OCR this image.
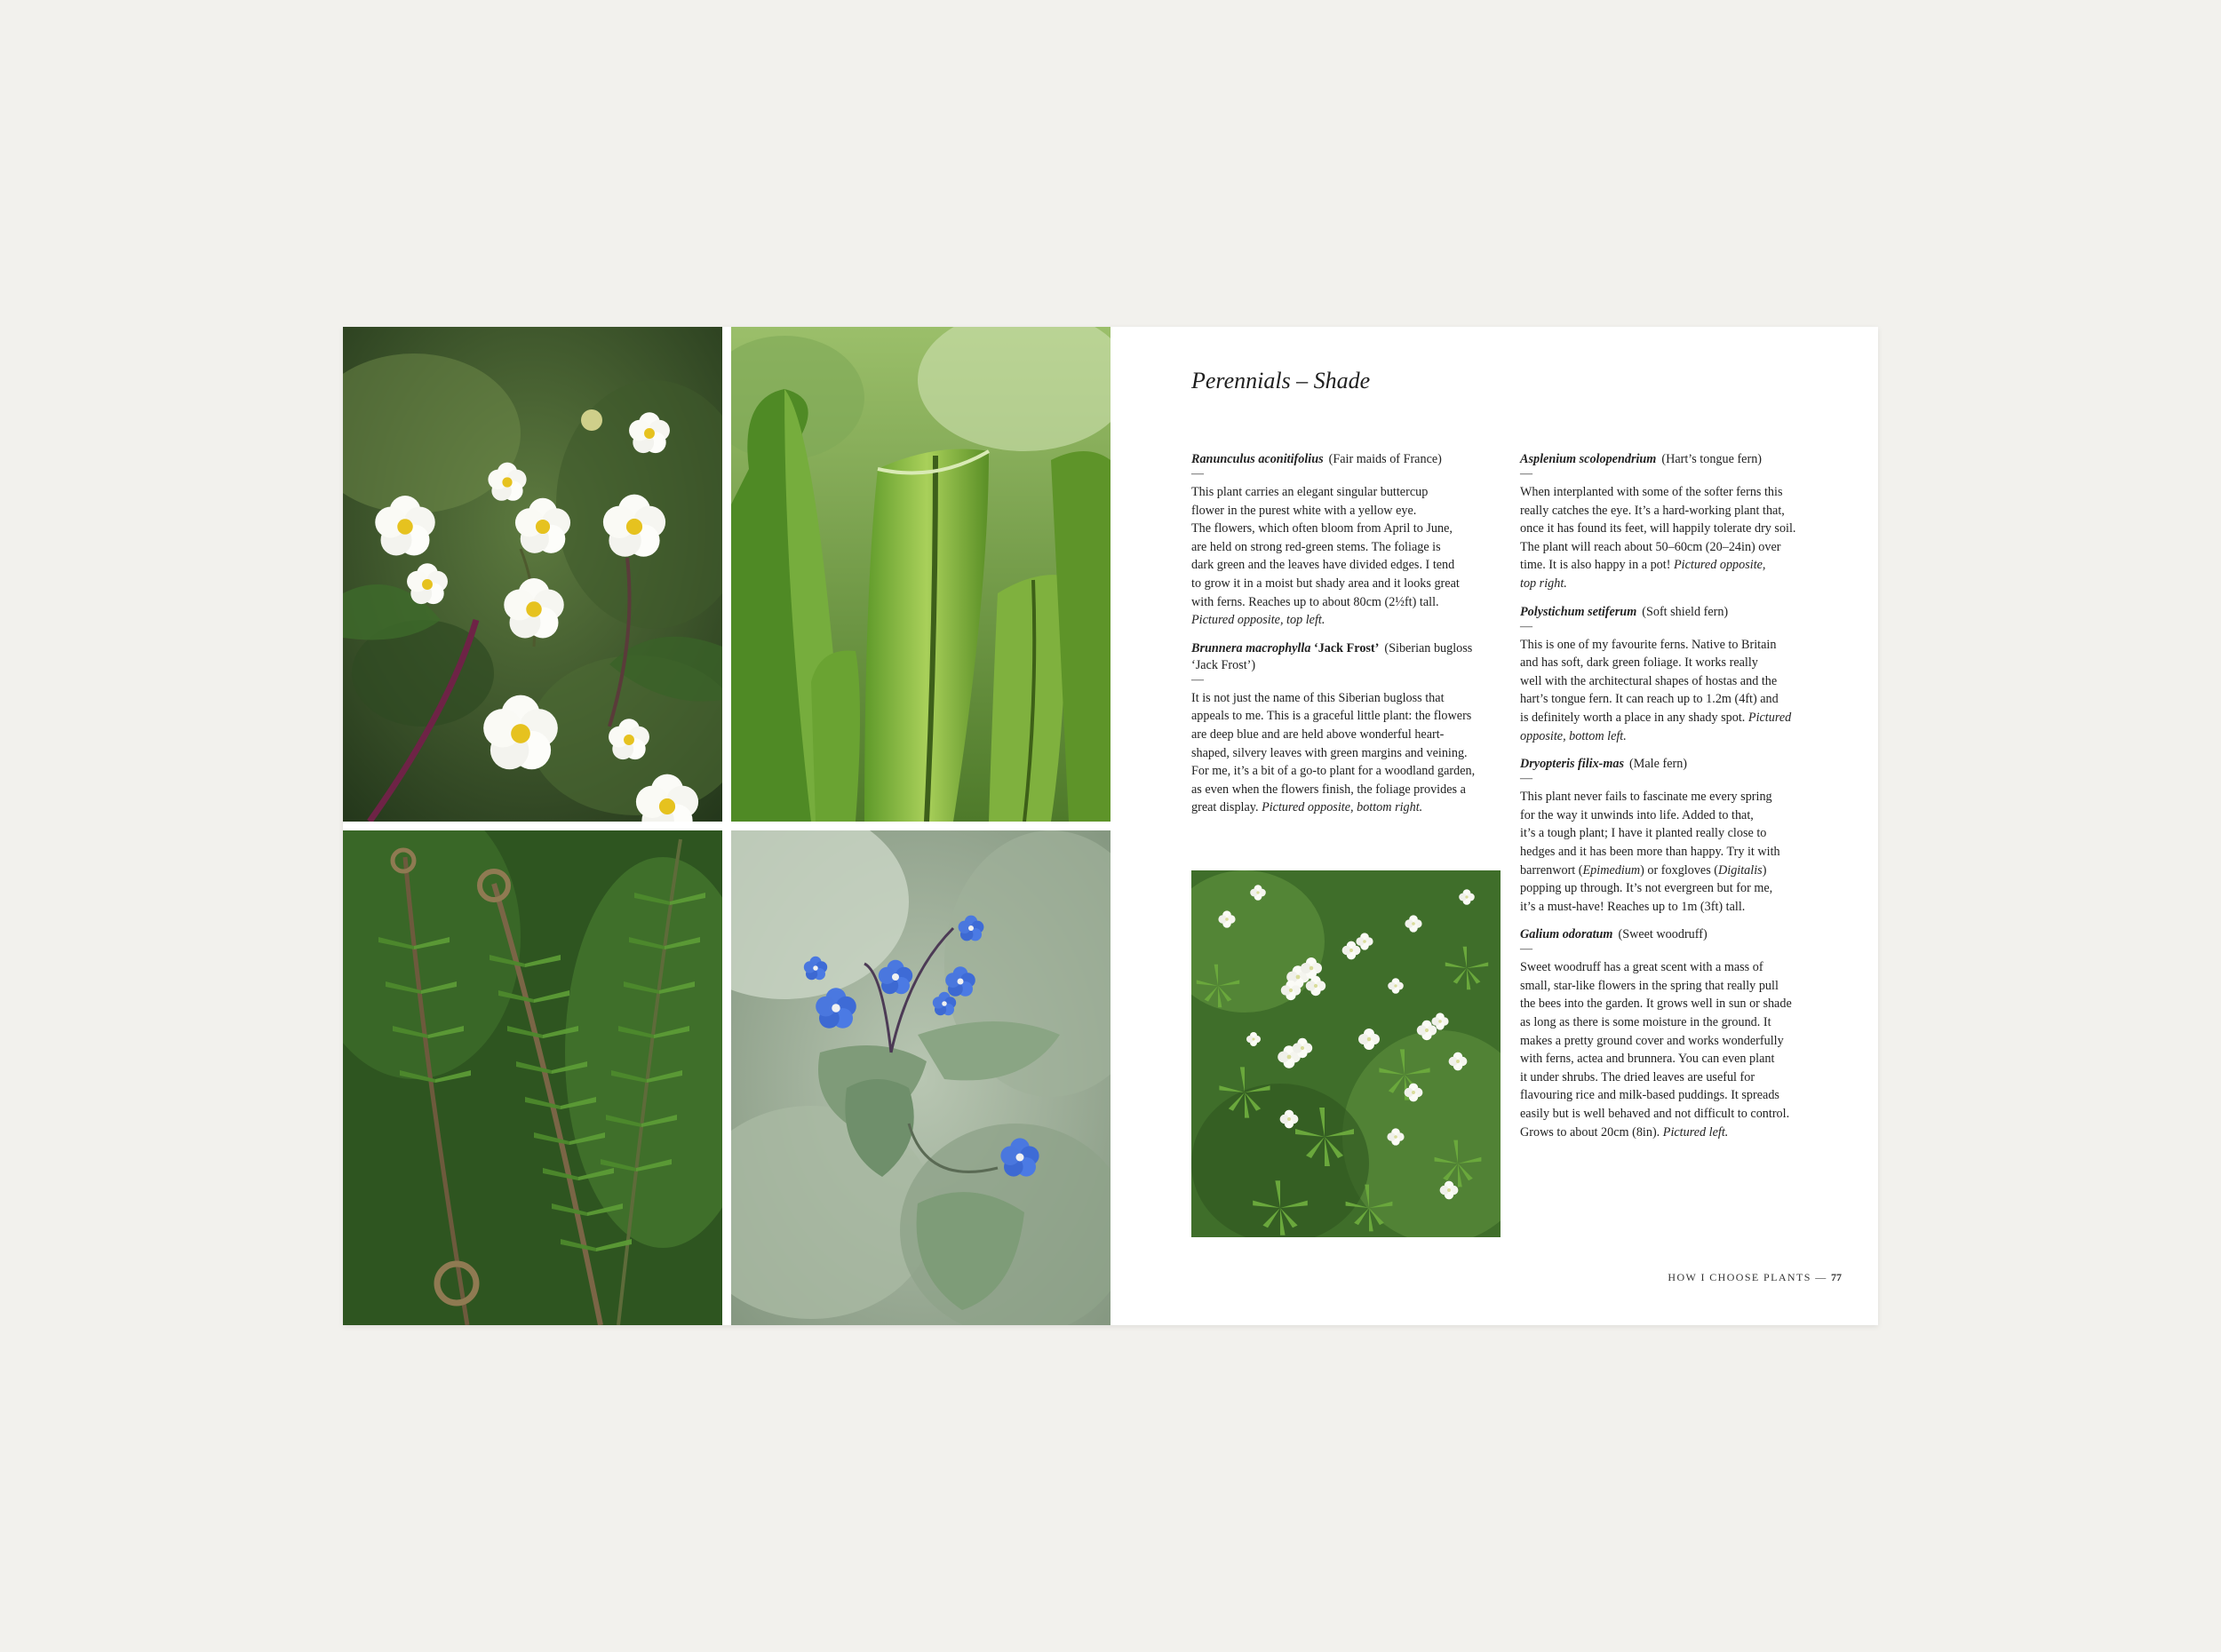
Perennials – Shade
Ranunculus aconitifolius (Fair maids of France)
—

This plant carries an elegant singular buttercup

flower in the purest white with a yellow eye.

The flowers, which often bloom from April to June,

are held on strong red-green stems. The foliage is

dark green and the leaves have divided edges. I tend

to grow it in a moist but shady area and it looks great

with ferns. Reaches up to about 80cm (2½ft) tall.

Pictured opposite, top left.

Brunnera macrophylla ‘Jack Frost’ (Siberian bugloss
‘Jack Frost’)
—

It is not just the name of this Siberian bugloss that

appeals to me. This is a graceful little plant: the flowers

are deep blue and are held above wonderful heart-

shaped, silvery leaves with green margins and veining.

For me, it’s a bit of a go-to plant for a woodland garden,

as even when the flowers finish, the foliage provides a

great display. Pictured opposite, bottom right.

Asplenium scolopendrium (Hart’s tongue fern)
—

When interplanted with some of the softer ferns this

really catches the eye. It’s a hard-working plant that,

once it has found its feet, will happily tolerate dry soil.

The plant will reach about 50–60cm (20–24in) over

time. It is also happy in a pot! Pictured opposite,

top right.

Polystichum setiferum (Soft shield fern)
—

This is one of my favourite ferns. Native to Britain

and has soft, dark green foliage. It works really

well with the architectural shapes of hostas and the

hart’s tongue fern. It can reach up to 1.2m (4ft) and

is definitely worth a place in any shady spot. Pictured

opposite, bottom left.

Dryopteris filix-mas (Male fern)
—

This plant never fails to fascinate me every spring

for the way it unwinds into life. Added to that,

it’s a tough plant; I have it planted really close to

hedges and it has been more than happy. Try it with

barrenwort (Epimedium) or foxgloves (Digitalis)

popping up through. It’s not evergreen but for me,

it’s a must-have! Reaches up to 1m (3ft) tall.

Galium odoratum (Sweet woodruff)
—

Sweet woodruff has a great scent with a mass of

small, star-like flowers in the spring that really pull

the bees into the garden. It grows well in sun or shade

as long as there is some moisture in the ground. It

makes a pretty ground cover and works wonderfully

with ferns, actea and brunnera. You can even plant

it under shrubs. The dried leaves are useful for

flavouring rice and milk-based puddings. It spreads

easily but is well behaved and not difficult to control.

Grows to about 20cm (8in). Pictured left.

HOW I CHOOSE PLANTS — 77
